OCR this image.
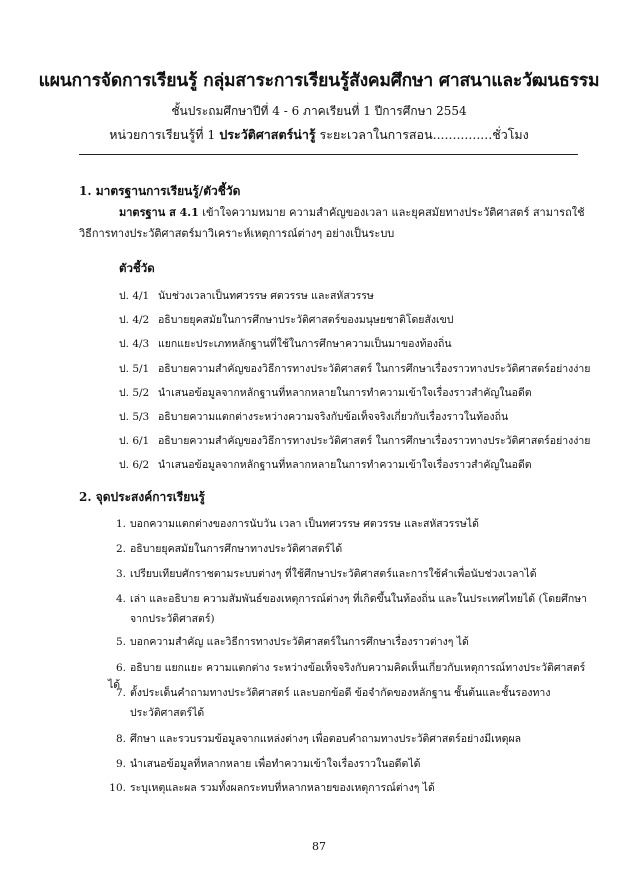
แผนการจัดการเรียนรู้ กลุ่มสาระการเรียนรู้สังคมศึกษา ศาสนาและวัฒนธรรม
ชั้นประถมศึกษาปีที่ 4 - 6 ภาคเรียนที่ 1 ปีการศึกษา 2554
หน่วยการเรียนรู้ที่ 1 ประวัติศาสตร์น่ารู้ ระยะเวลาในการสอน...............ชั่วโมง
1. มาตรฐานการเรียนรู้/ตัวชี้วัด
มาตรฐาน ส 4.1 เข้าใจความหมาย ความสำคัญของเวลา และยุคสมัยทางประวัติศาสตร์ สามารถใช้วิธีการทางประวัติศาสตร์มาวิเคราะห์เหตุการณ์ต่างๆ อย่างเป็นระบบ
ตัวชี้วัด
ป. 4/1 นับช่วงเวลาเป็นทศวรรษ ศตวรรษ และสหัสวรรษ
ป. 4/2 อธิบายยุคสมัยในการศึกษาประวัติศาสตร์ของมนุษยชาติโดยสังเขป
ป. 4/3 แยกแยะประเภทหลักฐานที่ใช้ในการศึกษาความเป็นมาของท้องถิ่น
ป. 5/1 อธิบายความสำคัญของวิธีการทางประวัติศาสตร์ ในการศึกษาเรื่องราวทางประวัติศาสตร์อย่างง่าย
ป. 5/2 นำเสนอข้อมูลจากหลักฐานที่หลากหลายในการทำความเข้าใจเรื่องราวสำคัญในอดีต
ป. 5/3 อธิบายความแตกต่างระหว่างความจริงกับข้อเท็จจริงเกี่ยวกับเรื่องราวในท้องถิ่น
ป. 6/1 อธิบายความสำคัญของวิธีการทางประวัติศาสตร์ ในการศึกษาเรื่องราวทางประวัติศาสตร์อย่างง่าย
ป. 6/2 นำเสนอข้อมูลจากหลักฐานที่หลากหลายในการทำความเข้าใจเรื่องราวสำคัญในอดีต
2. จุดประสงค์การเรียนรู้
1. บอกความแตกต่างของการนับวัน เวลา เป็นทศวรรษ ศตวรรษ และสหัสวรรษได้
2. อธิบายยุคสมัยในการศึกษาทางประวัติศาสตร์ได้
3. เปรียบเทียบศักราชตามระบบต่างๆ ที่ใช้ศึกษาประวัติศาสตร์และการใช้คำเพื่อนับช่วงเวลาได้
4. เล่า และอธิบาย ความสัมพันธ์ของเหตุการณ์ต่างๆ ที่เกิดขึ้นในท้องถิ่น และในประเทศไทยได้ (โดยศึกษา
จากประวัติศาสตร์)
5. บอกความสำคัญ และวิธีการทางประวัติศาสตร์ในการศึกษาเรื่องราวต่างๆ ได้
6. อธิบาย แยกแยะ ความแตกต่าง ระหว่างข้อเท็จจริงกับความคิดเห็นเกี่ยวกับเหตุการณ์ทางประวัติศาสตร์ได้
7. ตั้งประเด็นคำถามทางประวัติศาสตร์ และบอกข้อดี ข้อจำกัดของหลักฐาน ชั้นต้นและชั้นรองทาง
ประวัติศาสตร์ได้
8. ศึกษา และรวบรวมข้อมูลจากแหล่งต่างๆ เพื่อตอบคำถามทางประวัติศาสตร์อย่างมีเหตุผล
9. นำเสนอข้อมูลที่หลากหลาย เพื่อทำความเข้าใจเรื่องราวในอดีตได้
10. ระบุเหตุและผล รวมทั้งผลกระทบที่หลากหลายของเหตุการณ์ต่างๆ ได้
87
